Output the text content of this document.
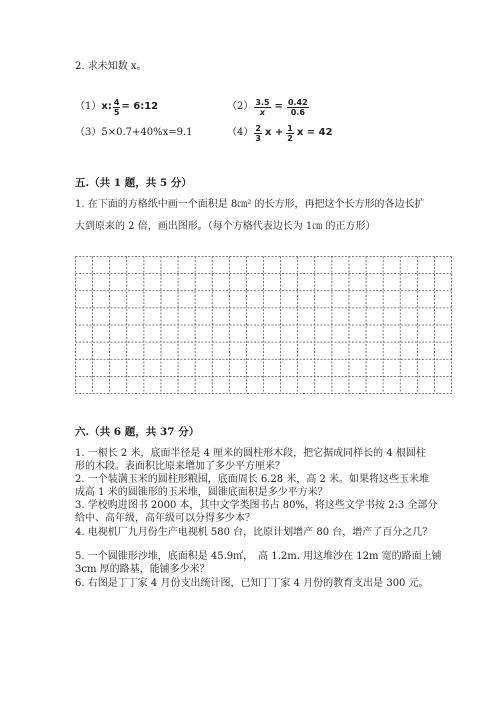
2. 求未知数 x。
（1） x: $\frac{4}{5}$ = 6:12	$(2) \frac{3.5}{x} = \frac{0.42}{0.6}$
（3）5×0.7+40%x=9.1	$(4) \frac{2}{3}$ $x + \frac{1}{2}$ x = 42
五.（共 1 题，共 5 分）
1. 在下面的方格纸中画一个面积是 8㎝² 的长方形，再把这个长方形的各边长扩
大到原来的 2 倍，画出图形。（每个方格代表边长为 1㎝ 的正方形）
六.（共 6 题，共 37 分）
1. 一根长 2 米，底面半径是 4 厘米的圆柱形木段，把它据成同样长的 4 根圆柱
形的木段。表面积比原来增加了多少平方厘米？
2. 一个装满玉米的圆柱形粮囤，底面周长 6.28 米，高 2 米。如果将这些玉米堆
成高 1 米的圆锥形的玉米堆，圆锥底面积是多少平方米？
3. 学校购进图书 2000 本，其中文学类图书占 80%，将这些文学书按 2:3 全部分
给中、高年级，高年级可以分得多少本？
4. 电视机厂九月份生产电视机 580 台，比原计划增产 80 台，增产了百分之几？
5. 一个圆锥形沙堆，底面积是 45.9㎡，　高 1.2m. 用这堆沙在 12m 宽的路面上铺
3cm 厚的路基，能铺多少米？
6. 右图是丁丁家 4 月份支出统计图，已知丁丁家 4 月份的教育支出是 300 元。
